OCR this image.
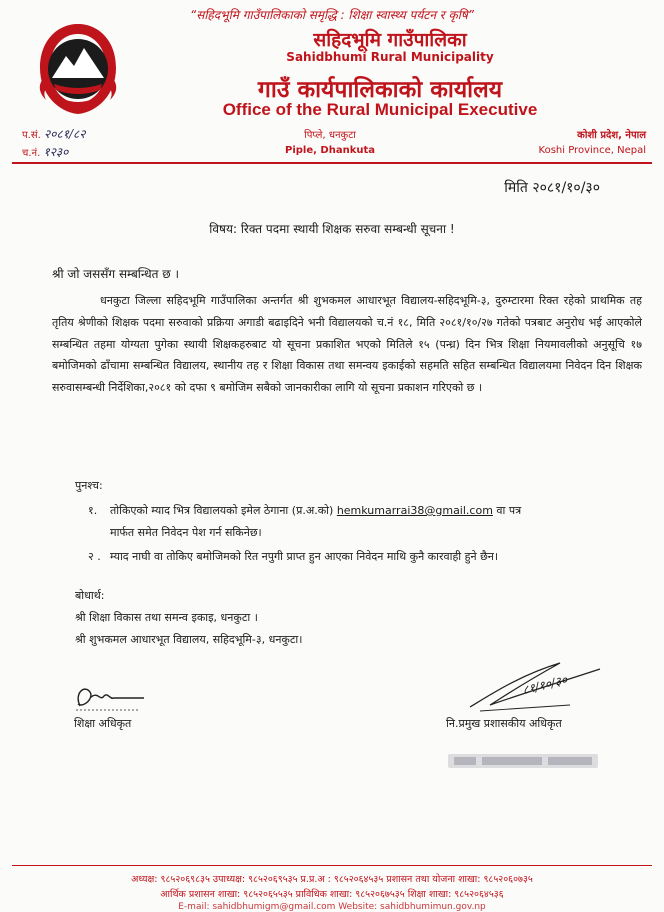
“सहिदभूमि गाउँपालिकाको समृद्धि : शिक्षा स्वास्थ्य पर्यटन र कृषि”
सहिदभूमि गाउँपालिका
Sahidbhumi Rural Municipality
गाउँ कार्यपालिकाको कार्यालय
Office of the Rural Municipal Executive
प.सं. २०८१/८२
च.नं. १२३०
पिप्ले, धनकुटा
Piple, Dhankuta
कोशी प्रदेश, नेपाल
Koshi Province, Nepal
मिति २०८१/१०/३०
विषय: रिक्त पदमा स्थायी शिक्षक सरुवा सम्बन्धी सूचना !
श्री जो जससँग सम्बन्धित छ ।
धनकुटा जिल्ला सहिदभूमि गाउँपालिका अन्तर्गत श्री शुभकमल आधारभूत विद्यालय-सहिदभूमि-३, दुरुम्टारमा रिक्त रहेको प्राथमिक तह तृतिय श्रेणीको शिक्षक पदमा सरुवाको प्रक्रिया अगाडी बढाइदिने भनी विद्यालयको च.नं १८, मिति २०८१/१०/२७ गतेको पत्रबाट अनुरोध भई आएकोले सम्बन्धित तहमा योग्यता पुगेका स्थायी शिक्षकहरुबाट यो सूचना प्रकाशित भएको मितिले १५ (पन्ध्र) दिन भित्र शिक्षा नियमावलीको अनुसूचि १७ बमोजिमको ढाँचामा सम्बन्धित विद्यालय, स्थानीय तह र शिक्षा विकास तथा समन्वय इकाईको सहमति सहित सम्बन्धित विद्यालयमा निवेदन दिन शिक्षक सरुवासम्बन्धी निर्देशिका,२०८१ को दफा ९ बमोजिम सबैको जानकारीका लागि यो सूचना प्रकाशन गरिएको छ ।
पुनश्च:
१. तोकिएको म्याद भित्र विद्यालयको इमेल ठेगाना (प्र.अ.को) hemkumarrai38@gmail.com वा पत्र
मार्फत समेत निवेदन पेश गर्न सकिनेछ।
२ . म्याद नाघी वा तोकिए बमोजिमको रित नपुगी प्राप्त हुन आएका निवेदन माथि कुनै कारवाही हुने छैन।
बोधार्थ:
श्री शिक्षा विकास तथा समन्व इकाइ, धनकुटा ।
श्री शुभकमल आधारभूत विद्यालय, सहिदभूमि-३, धनकुटा।
८१/१०/३०
शिक्षा अधिकृत	नि.प्रमुख प्रशासकीय अधिकृत
अध्यक्ष: ९८५२०६९८३५ उपाध्यक्ष: ९८५२०६९५३५ प्र.प्र.अ : ९८५२०६४५३५ प्रशासन तथा योजना शाखा: ९८५२०६०७३५
आर्थिक प्रशासन शाखा: ९८५२०६५५३५ प्राविधिक शाखा: ९८५२०६७५३५ शिक्षा शाखा: ९८५२०६४५३६
E-mail: sahidbhumigm@gmail.com Website: sahidbhumimun.gov.np
